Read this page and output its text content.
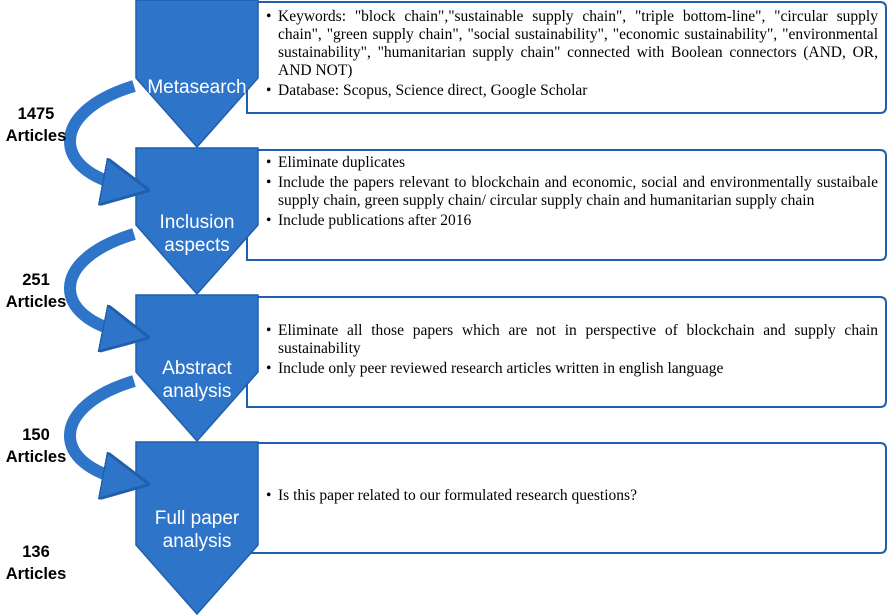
Metasearch
Inclusion
aspects
Abstract
analysis
Full paper
analysis
1475
Articles
251
Articles
150
Articles
136
Articles
• Keywords: "block chain","sustainable supply chain", "triple bottom-line", "circular supply chain", "green supply chain", "social sustainability", "economic sustainability", "environmental sustainability", "humanitarian supply chain" connected with Boolean connectors (AND, OR, AND NOT)
• Database: Scopus, Science direct, Google Scholar
• Eliminate duplicates
• Include the papers relevant to blockchain and economic, social and environmentally sustaibale supply chain, green supply chain/ circular supply chain and humanitarian supply chain
• Include publications after 2016
• Eliminate all those papers which are not in perspective of blockchain and supply chain sustainability
• Include only peer reviewed research articles written in english language
• Is this paper related to our formulated research questions?
